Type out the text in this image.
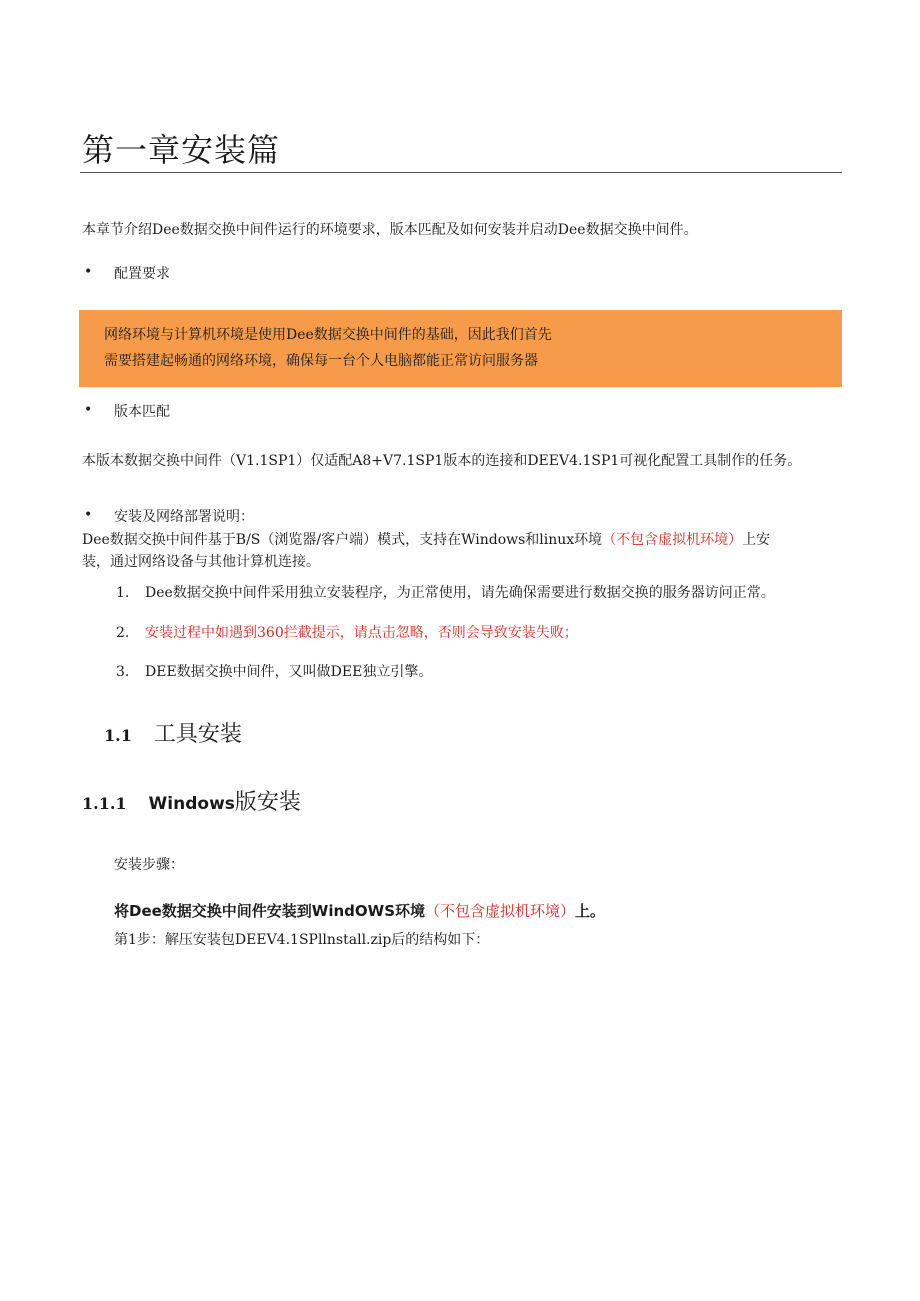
第一章安装篇
本章节介绍Dee数据交换中间件运行的环境要求，版本匹配及如何安装并启动Dee数据交换中间件。
• 配置要求
网络环境与计算机环境是使用Dee数据交换中间件的基础，因此我们首先
需要搭建起畅通的网络环境，确保每一台个人电脑都能正常访问服务器
• 版本匹配
本版本数据交换中间件（V1.1SP1）仅适配A8+V7.1SP1版本的连接和DEEV4.1SP1可视化配置工具制作的任务。
• 安装及网络部署说明：
Dee数据交换中间件基于B/S（浏览器/客户端）模式，支持在Windows和linux环境（不包含虚拟机环境）上安
装，通过网络设备与其他计算机连接。
1. Dee数据交换中间件采用独立安装程序，为正常使用，请先确保需要进行数据交换的服务器访问正常。
2. 安装过程中如遇到360拦截提示，请点击忽略，否则会导致安装失败；
3. DEE数据交换中间件，又叫做DEE独立引擎。
1.1 工具安装
1.1.1 Windows版安装
安装步骤：
将Dee数据交换中间件安装到WindOWS环境（不包含虚拟机环境）上。
第1步：解压安装包DEEV4.1SPllnstall.zip后的结构如下：
